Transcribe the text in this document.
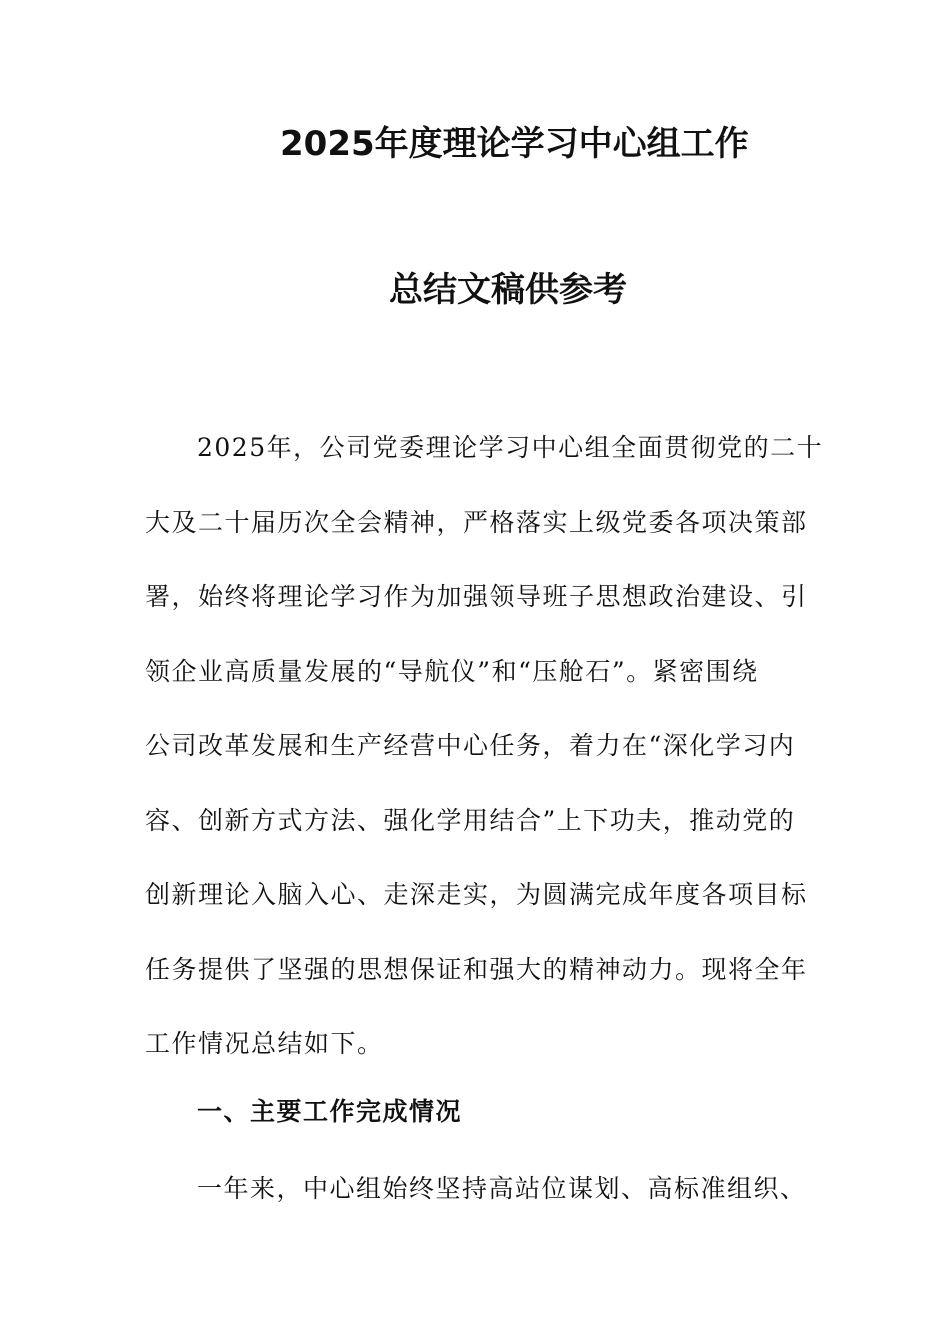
2025年度理论学习中心组工作
总结文稿供参考
2025年，公司党委理论学习中心组全面贯彻党的二十
大及二十届历次全会精神，严格落实上级党委各项决策部
署，始终将理论学习作为加强领导班子思想政治建设、引
领企业高质量发展的“导航仪”和“压舱石”。紧密围绕
公司改革发展和生产经营中心任务，着力在“深化学习内
容、创新方式方法、强化学用结合”上下功夫，推动党的
创新理论入脑入心、走深走实，为圆满完成年度各项目标
任务提供了坚强的思想保证和强大的精神动力。现将全年
工作情况总结如下。
一、主要工作完成情况
一年来，中心组始终坚持高站位谋划、高标准组织、
